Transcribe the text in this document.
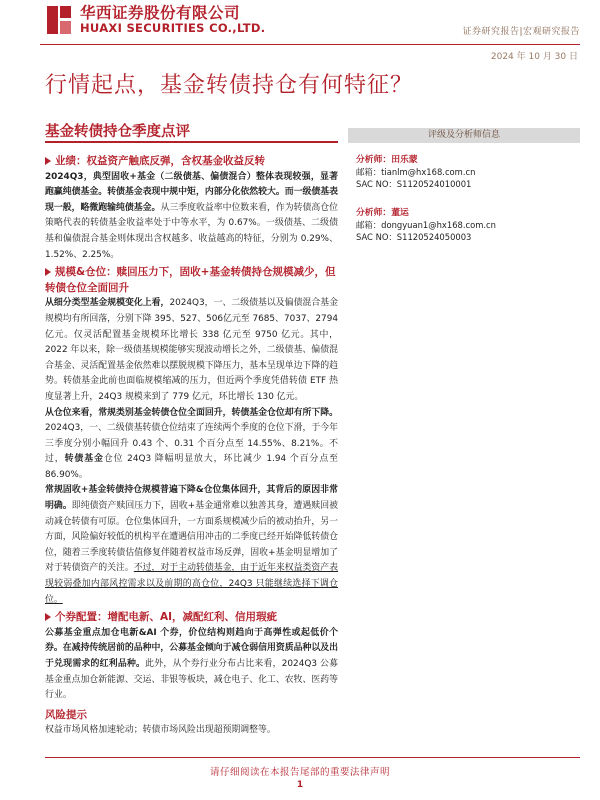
华西证券股份有限公司
HUAXI SECURITIES CO.,LTD.	证券研究报告|宏观研究报告
2024 年 10 月 30 日
行情起点，基金转债持仓有何特征？
基金转债持仓季度点评	评级及分析师信息
分析师：田乐蒙
邮箱：tianlm@hx168.com.cn
SAC NO：S1120524010001
分析师：董运
邮箱：dongyuan1@hx168.com.cn
SAC NO：S1120524050003
业绩：权益资产触底反弹，含权基金收益反转

2024Q3，典型固收+基金（二级债基、偏债混合）整体表现较强，显著跑赢纯债基金。转债基金表现中规中矩，内部分化依然较大。而一级债基表现一般，略微跑输纯债基金。从三季度收益率中位数来看，作为转债高仓位策略代表的转债基金收益率处于中等水平，为 0.67%。一级债基、二级债基和偏债混合基金则体现出含权越多、收益越高的特征，分别为 0.29%、1.52%、2.25%。

规模&仓位：赎回压力下，固收+基金转债持仓规模减少，但转债仓位全面回升

从细分类型基金规模变化上看，2024Q3，一、二级债基以及偏债混合基金规模均有所回落，分别下降 395、527、506亿元至 7685、7037、2794 亿元。仅灵活配置基金规模环比增长 338 亿元至 9750 亿元。其中，2022 年以来，除一级债基规模能够实现波动增长之外，二级债基、偏债混合基金、灵活配置基金依然难以摆脱规模下降压力，基本呈现单边下降的趋势。转债基金此前也面临规模缩减的压力，但近两个季度凭借转债 ETF 热度显著上升，24Q3 规模来到了 779 亿元，环比增长 130 亿元。

从仓位来看，常规类别基金转债仓位全面回升，转债基金仓位却有所下降。2024Q3，一、二级债基转债仓位结束了连续两个季度的仓位下滑，于今年三季度分别小幅回升 0.43 个、0.31 个百分点至 14.55%、8.21%。不过，转债基金仓位 24Q3 降幅明显放大，环比减少 1.94 个百分点至 86.90%。

常规固收+基金转债持仓规模普遍下降&仓位集体回升，其背后的原因非常明确。即纯债资产赎回压力下，固收+基金通常难以独善其身，遭遇赎回被动减仓转债有可原。仓位集体回升，一方面系规模减少后的被动抬升，另一方面，风险偏好较低的机构平在遭遇信用冲击的二季度已经开始降低转债仓位，随着三季度转债估值修复伴随着权益市场反弹，固收+基金明显增加了对于转债资产的关注。不过，对于主动转债基金，由于近年来权益类资产表现较弱叠加内部风控需求以及前期的高仓位，24Q3 只能继续选择下调仓位。

个券配置：增配电新、AI，减配红利、信用瑕疵

公募基金重点加仓电新&AI 个券，价位结构则趋向于高弹性或起低价个券。在减持传统居前的品种中，公募基金倾向于减仓弱信用资质品种以及出于兑现需求的红利品种。此外，从个券行业分布占比来看，2024Q3 公募基金重点加仓新能源、交运、非银等板块，减仓电子、化工、农牧、医药等行业。

风险提示

权益市场风格加速轮动；转债市场风险出现超预期调整等。

请仔细阅读在本报告尾部的重要法律声明
1
